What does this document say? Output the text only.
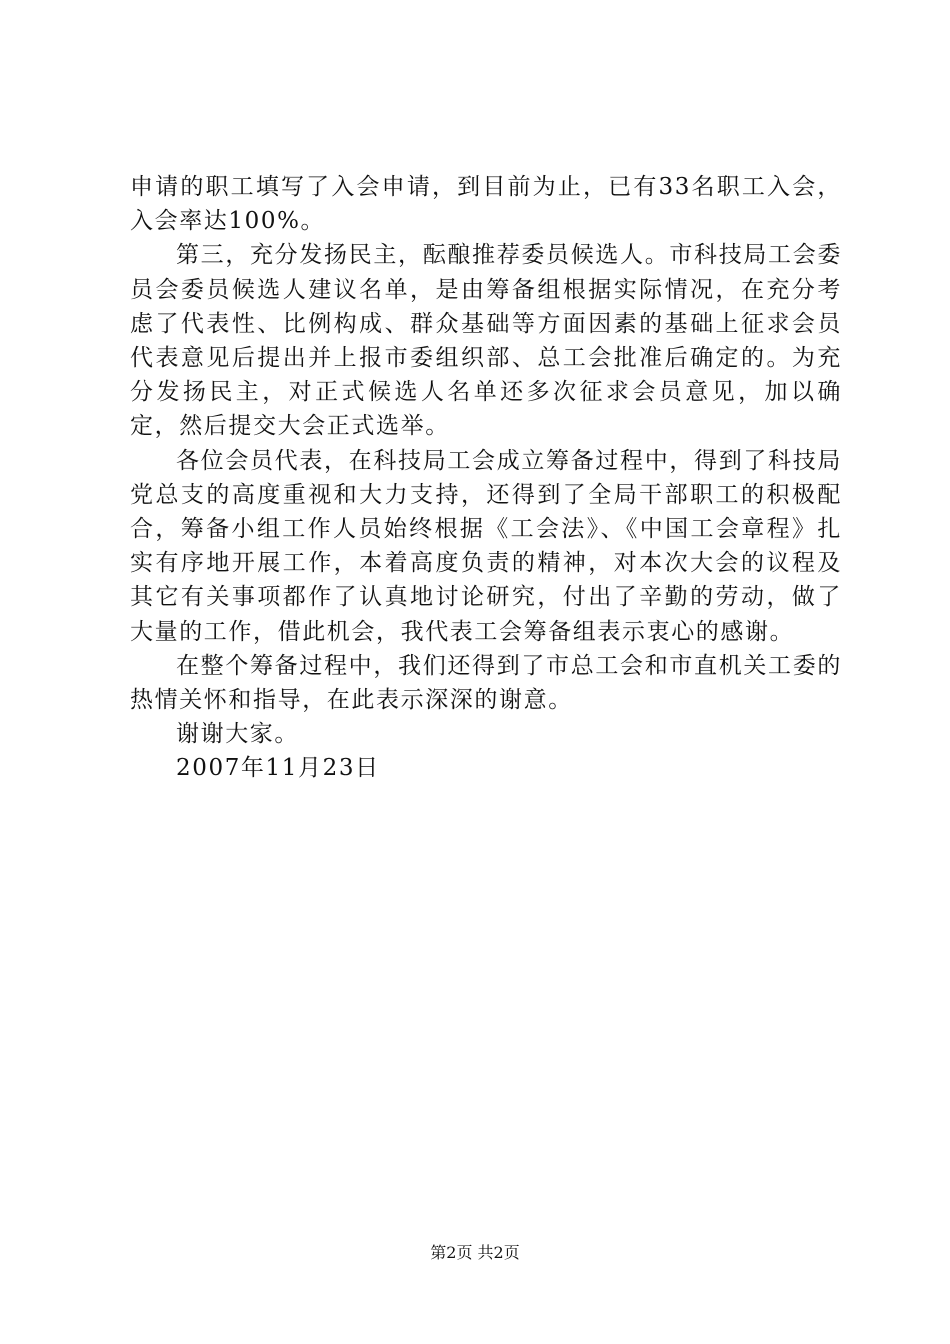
申请的职工填写了入会申请，到目前为止，已有33名职工入会，入会率达100%。

第三，充分发扬民主，酝酿推荐委员候选人。市科技局工会委员会委员候选人建议名单，是由筹备组根据实际情况，在充分考虑了代表性、比例构成、群众基础等方面因素的基础上征求会员代表意见后提出并上报市委组织部、总工会批准后确定的。为充分发扬民主，对正式候选人名单还多次征求会员意见，加以确定，然后提交大会正式选举。

各位会员代表，在科技局工会成立筹备过程中，得到了科技局党总支的高度重视和大力支持，还得到了全局干部职工的积极配合，筹备小组工作人员始终根据《工会法》、《中国工会章程》扎实有序地开展工作，本着高度负责的精神，对本次大会的议程及其它有关事项都作了认真地讨论研究，付出了辛勤的劳动，做了大量的工作，借此机会，我代表工会筹备组表示衷心的感谢。

在整个筹备过程中，我们还得到了市总工会和市直机关工委的热情关怀和指导，在此表示深深的谢意。

谢谢大家。

2007年11月23日

第2页 共2页
